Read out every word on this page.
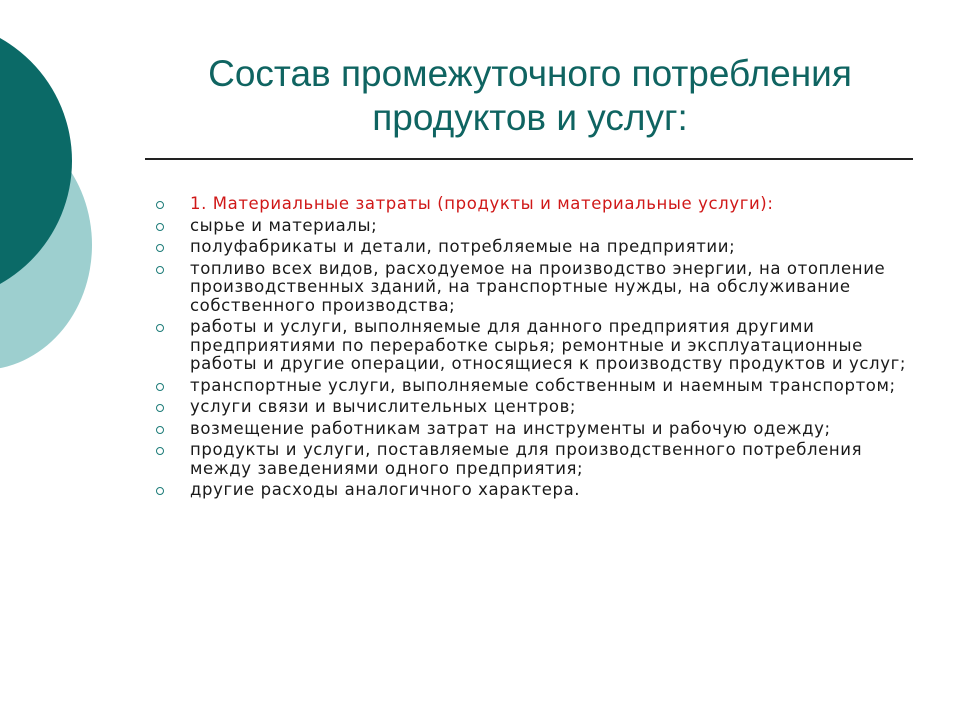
Состав промежуточного потребления
продуктов и услуг:
1. Материальные затраты (продукты и материальные услуги):
сырье и материалы;
полуфабрикаты и детали, потребляемые на предприятии;
топливо всех видов, расходуемое на производство энергии, на отопление производственных зданий, на транспортные нужды, на обслуживание собственного производства;
работы и услуги, выполняемые для данного предприятия другими предприятиями по переработке сырья; ремонтные и эксплуатационные работы и другие операции, относящиеся к производству продуктов и услуг;
транспортные услуги, выполняемые собственным и наемным транспортом;
услуги связи и вычислительных центров;
возмещение работникам затрат на инструменты и рабочую одежду;
продукты и услуги, поставляемые для производственного потребления между заведениями одного предприятия;
другие расходы аналогичного характера.
